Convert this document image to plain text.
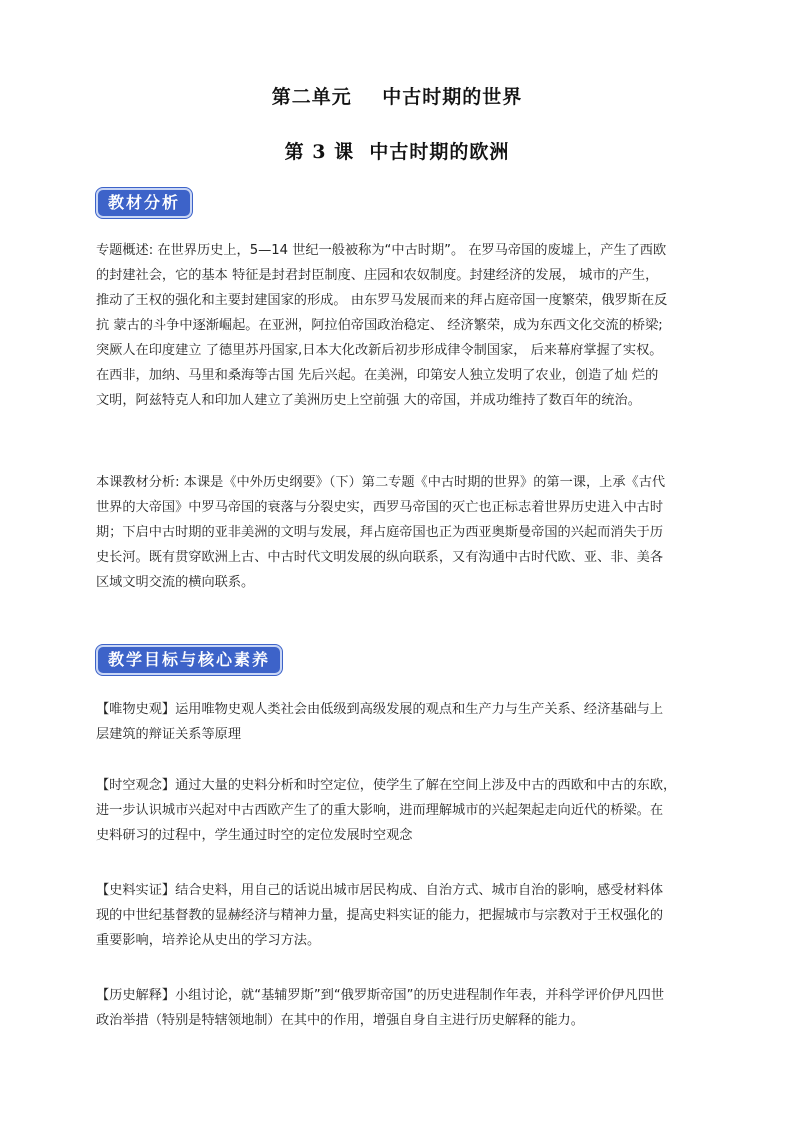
第二单元    中古时期的世界
第 3 课  中古时期的欧洲
教材分析
专题概述: 在世界历史上，5—14 世纪一般被称为“中古时期”。 在罗马帝国的废墟上，产生了西欧
的封建社会，它的基本 特征是封君封臣制度、庄园和农奴制度。封建经济的发展， 城市的产生，
推动了王权的强化和主要封建国家的形成。 由东罗马发展而来的拜占庭帝国一度繁荣，俄罗斯在反
抗 蒙古的斗争中逐渐崛起。在亚洲，阿拉伯帝国政治稳定、 经济繁荣，成为东西文化交流的桥梁;
突厥人在印度建立 了德里苏丹国家,日本大化改新后初步形成律令制国家， 后来幕府掌握了实权。
在西非，加纳、马里和桑海等古国 先后兴起。在美洲，印第安人独立发明了农业，创造了灿 烂的
文明，阿兹特克人和印加人建立了美洲历史上空前强 大的帝国，并成功维持了数百年的统治。
本课教材分析: 本课是《中外历史纲要》（下）第二专题《中古时期的世界》的第一课，上承《古代
世界的大帝国》中罗马帝国的衰落与分裂史实，西罗马帝国的灭亡也正标志着世界历史进入中古时
期；下启中古时期的亚非美洲的文明与发展，拜占庭帝国也正为西亚奥斯曼帝国的兴起而消失于历
史长河。既有贯穿欧洲上古、中古时代文明发展的纵向联系，又有沟通中古时代欧、亚、非、美各
区域文明交流的横向联系。
教学目标与核心素养
【唯物史观】运用唯物史观人类社会由低级到高级发展的观点和生产力与生产关系、经济基础与上
层建筑的辩证关系等原理
【时空观念】通过大量的史料分析和时空定位，使学生了解在空间上涉及中古的西欧和中古的东欧，
进一步认识城市兴起对中古西欧产生了的重大影响，进而理解城市的兴起架起走向近代的桥梁。在
史料研习的过程中，学生通过时空的定位发展时空观念
【史料实证】结合史料，用自己的话说出城市居民构成、自治方式、城市自治的影响，感受材料体
现的中世纪基督教的显赫经济与精神力量，提高史料实证的能力，把握城市与宗教对于王权强化的
重要影响，培养论从史出的学习方法。
【历史解释】小组讨论，就“基辅罗斯”到“俄罗斯帝国”的历史进程制作年表，并科学评价伊凡四世
政治举措（特别是特辖领地制）在其中的作用，增强自身自主进行历史解释的能力。
